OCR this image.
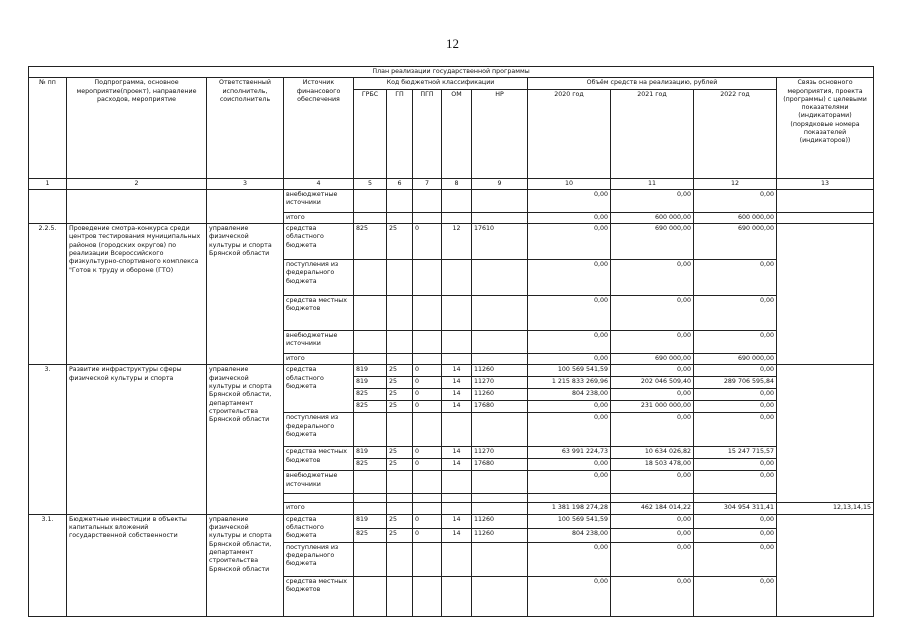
12
План реализации государственной программы												
№ пп	Подпрограмма, основное мероприятие(проект), направление расходов, мероприятие	Ответственный исполнитель, соисполнитель	Источник финансового обеспечения	Код бюджетной классификации					Объём средств на реализацию, рублей			Связь основного мероприятия, проекта (программы) с целевыми показателями (индикаторами) (порядковые номера показателей (индикаторов))
				ГРБС	ГП	ПГП	ОМ	НР	2020 год	2021 год	2022 год	
1	2	3	4	5	6	7	8	9	10	11	12	13
			внебюджетные источники						0,00	0,00	0,00	
			итого						0,00	600 000,00	600 000,00	
2.2.5.	Проведение смотра-конкурса среди центров тестирования муниципальных районов (городских округов) по реализации Всероссийского физкультурно-спортивного комплекса "Готов к труду и обороне (ГТО)	управление физической культуры и спорта Брянской области	средства областного бюджета	825	25	0	12	17610	0,00	690 000,00	690 000,00	
			поступления из федерального бюджета						0,00	0,00	0,00	
			средства местных бюджетов						0,00	0,00	0,00	
			внебюджетные источники						0,00	0,00	0,00	
			итого						0,00	690 000,00	690 000,00	
3.	Развитие инфраструктуры сферы физической культуры и спорта	управление физической культуры и спорта Брянской области, департамент строительства Брянской области	средства областного бюджета	819	25	0	14	11260	100 569 541,59	0,00	0,00	
				819	25	0	14	11270	1 215 833 269,96	202 046 509,40	289 706 595,84	
				825	25	0	14	11260	804 238,00	0,00	0,00	
				825	25	0	14	17680	0,00	231 000 000,00	0,00	
			поступления из федерального бюджета						0,00	0,00	0,00	
			средства местных бюджетов	819	25	0	14	11270	63 991 224,73	10 634 026,82	15 247 715,57	
				825	25	0	14	17680	0,00	18 503 478,00	0,00	
			внебюджетные источники						0,00	0,00	0,00	

			итого						1 381 198 274,28	462 184 014,22	304 954 311,41	12,13,14,15
3.1.	Бюджетные инвестиции в объекты капитальных вложений государственной собственности	управление физической культуры и спорта Брянской области, департамент строительства Брянской области	средства областного бюджета	819	25	0	14	11260	100 569 541,59	0,00	0,00	
				825	25	0	14	11260	804 238,00	0,00	0,00	
			поступления из федерального бюджета						0,00	0,00	0,00	
			средства местных бюджетов						0,00	0,00	0,00	
